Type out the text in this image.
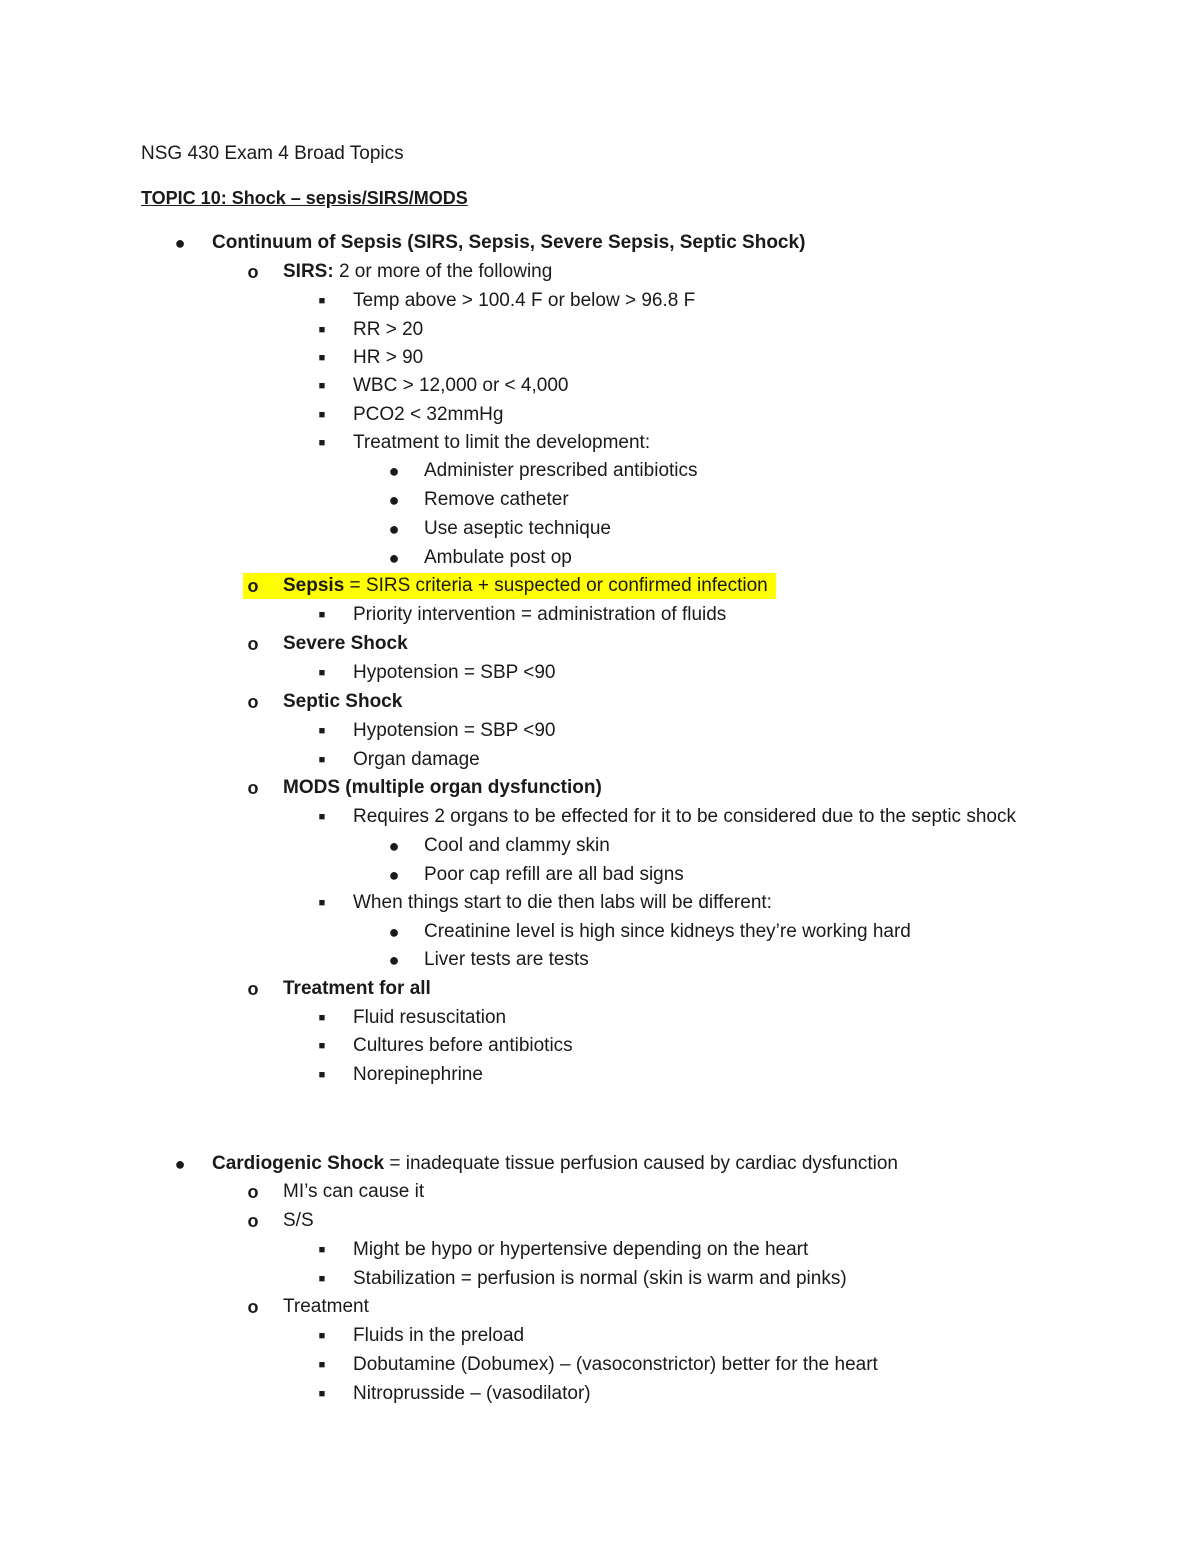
NSG 430 Exam 4 Broad Topics
TOPIC 10: Shock – sepsis/SIRS/MODS
● Continuum of Sepsis (SIRS, Sepsis, Severe Sepsis, Septic Shock)
o SIRS: 2 or more of the following
■	Temp above > 100.4 F or below > 96.8 F
■	RR > 20
■	HR > 90
■	WBC > 12,000 or < 4,000
■	PCO2 < 32mmHg
■	Treatment to limit the development:
● Administer prescribed antibiotics
● Remove catheter
● Use aseptic technique
● Ambulate post op
o Sepsis = SIRS criteria + suspected or confirmed infection
■	Priority intervention = administration of fluids
o Severe Shock
■	Hypotension = SBP <90
o Septic Shock
■	Hypotension = SBP <90
■	Organ damage
o MODS (multiple organ dysfunction)
■	Requires 2 organs to be effected for it to be considered due to the septic shock
● Cool and clammy skin
● Poor cap refill are all bad signs
■	When things start to die then labs will be different:
● Creatinine level is high since kidneys they’re working hard
● Liver tests are tests
o Treatment for all
■	Fluid resuscitation
■	Cultures before antibiotics
■	Norepinephrine
● Cardiogenic Shock = inadequate tissue perfusion caused by cardiac dysfunction
o MI’s can cause it
o S/S
■	Might be hypo or hypertensive depending on the heart
■	Stabilization = perfusion is normal (skin is warm and pinks)
o Treatment
■	Fluids in the preload
■	Dobutamine (Dobumex) – (vasoconstrictor) better for the heart
■	Nitroprusside – (vasodilator)
